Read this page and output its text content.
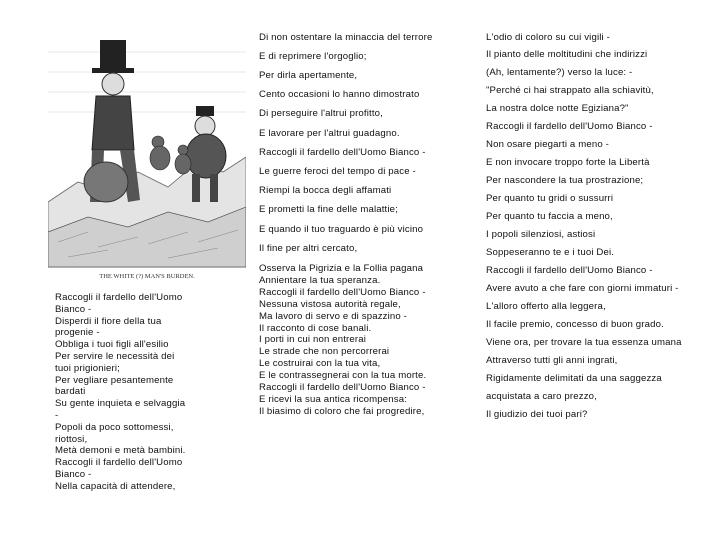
THE WHITE (?) MAN'S BURDEN.
Raccogli il fardello dell'Uomo
Bianco -
Disperdi il fiore della tua
progenie -
Obbliga i tuoi figli all'esilio
Per servire le necessità dei
tuoi prigionieri;
Per vegliare pesantemente
bardati
Su gente inquieta e selvaggia
-
Popoli da poco sottomessi,
riottosi,
Metà demoni e metà bambini.
Raccogli il fardello dell'Uomo
Bianco -
Nella capacità di attendere,
Di non ostentare la minaccia del terrore
E di reprimere l'orgoglio;
Per dirla apertamente,
Cento occasioni lo hanno dimostrato
Di perseguire l'altrui profitto,
E lavorare per l'altrui guadagno.
Raccogli il fardello dell'Uomo Bianco -
Le guerre feroci del tempo di pace -
Riempi la bocca degli affamati
E prometti la fine delle malattie;
E quando il tuo traguardo è più vicino
Il fine per altri cercato,
Osserva la Pigrizia e la Follia pagana
Annientare la tua speranza.
Raccogli il fardello dell'Uomo Bianco -
Nessuna vistosa autorità regale,
Ma lavoro di servo e di spazzino -
Il racconto di cose banali.
I porti in cui non entrerai
Le strade che non percorrerai
Le costruirai con la tua vita,
E le contrassegnerai con la tua morte.
Raccogli il fardello dell'Uomo Bianco -
E ricevi la sua antica ricompensa:
Il biasimo di coloro che fai progredire,
L'odio di coloro su cui vigili -
Il pianto delle moltitudini che indirizzi
(Ah, lentamente?) verso la luce: -
"Perché ci hai strappato alla schiavitù,
La nostra dolce notte Egiziana?"
Raccogli il fardello dell'Uomo Bianco -
Non osare piegarti a meno -
E non invocare troppo forte la Libertà
Per nascondere la tua prostrazione;
Per quanto tu gridi o sussurri
Per quanto tu faccia a meno,
I popoli silenziosi, astiosi
Soppeseranno te e i tuoi Dei.
Raccogli il fardello dell'Uomo Bianco -
Avere avuto a che fare con giorni immaturi -
L'alloro offerto alla leggera,
Il facile premio, concesso di buon grado.
Viene ora, per trovare la tua essenza umana
Attraverso tutti gli anni ingrati,
Rigidamente delimitati da una saggezza
acquistata a caro prezzo,
Il giudizio dei tuoi pari?
